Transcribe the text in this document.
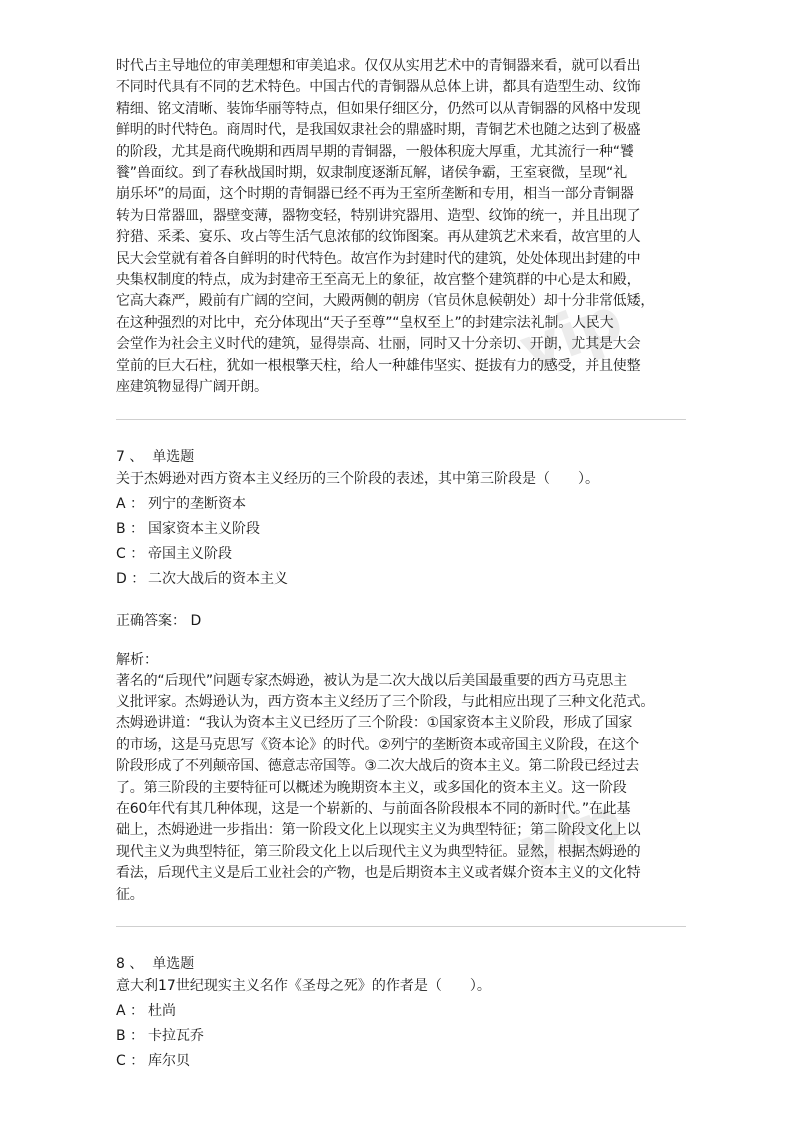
vip
vip
时代占主导地位的审美理想和审美追求。仅仅从实用艺术中的青铜器来看，就可以看出
不同时代具有不同的艺术特色。中国古代的青铜器从总体上讲，都具有造型生动、纹饰
精细、铭文清晰、装饰华丽等特点，但如果仔细区分，仍然可以从青铜器的风格中发现
鲜明的时代特色。商周时代，是我国奴隶社会的鼎盛时期，青铜艺术也随之达到了极盛
的阶段，尤其是商代晚期和西周早期的青铜器，一般体积庞大厚重，尤其流行一种“饕
餮”兽面纹。到了春秋战国时期，奴隶制度逐渐瓦解，诸侯争霸，王室衰微，呈现“礼
崩乐坏”的局面，这个时期的青铜器已经不再为王室所垄断和专用，相当一部分青铜器
转为日常器皿，器壁变薄，器物变轻，特别讲究器用、造型、纹饰的统一，并且出现了
狩猎、采柔、宴乐、攻占等生活气息浓郁的纹饰图案。再从建筑艺术来看，故宫里的人
民大会堂就有着各自鲜明的时代特色。故宫作为封建时代的建筑，处处体现出封建的中
央集权制度的特点，成为封建帝王至高无上的象征，故宫整个建筑群的中心是太和殿，
它高大森严，殿前有广阔的空间，大殿两侧的朝房（官员休息候朝处）却十分非常低矮，
在这种强烈的对比中，充分体现出“天子至尊”“皇权至上”的封建宗法礼制。人民大
会堂作为社会主义时代的建筑，显得崇高、壮丽，同时又十分亲切、开朗，尤其是大会
堂前的巨大石柱，犹如一根根擎天柱，给人一种雄伟坚实、挺拔有力的感受，并且使整
座建筑物显得广阔开朗。
7 、 单选题
关于杰姆逊对西方资本主义经历的三个阶段的表述，其中第三阶段是（　　）。
A ： 列宁的垄断资本
B ： 国家资本主义阶段
C ： 帝国主义阶段
D ： 二次大战后的资本主义
正确答案： D
解析：
著名的“后现代”问题专家杰姆逊，被认为是二次大战以后美国最重要的西方马克思主
义批评家。杰姆逊认为，西方资本主义经历了三个阶段，与此相应出现了三种文化范式。
杰姆逊讲道：“我认为资本主义已经历了三个阶段：①国家资本主义阶段，形成了国家
的市场，这是马克思写《资本论》的时代。②列宁的垄断资本或帝国主义阶段，在这个
阶段形成了不列颠帝国、德意志帝国等。③二次大战后的资本主义。第二阶段已经过去
了。第三阶段的主要特征可以概述为晚期资本主义，或多国化的资本主义。这一阶段
在60年代有其几种体现，这是一个崭新的、与前面各阶段根本不同的新时代。”在此基
础上，杰姆逊进一步指出：第一阶段文化上以现实主义为典型特征；第二阶段文化上以
现代主义为典型特征，第三阶段文化上以后现代主义为典型特征。显然，根据杰姆逊的
看法，后现代主义是后工业社会的产物，也是后期资本主义或者媒介资本主义的文化特
征。
8 、 单选题
意大利17世纪现实主义名作《圣母之死》的作者是（　　）。
A ： 杜尚
B ： 卡拉瓦乔
C ： 库尔贝
